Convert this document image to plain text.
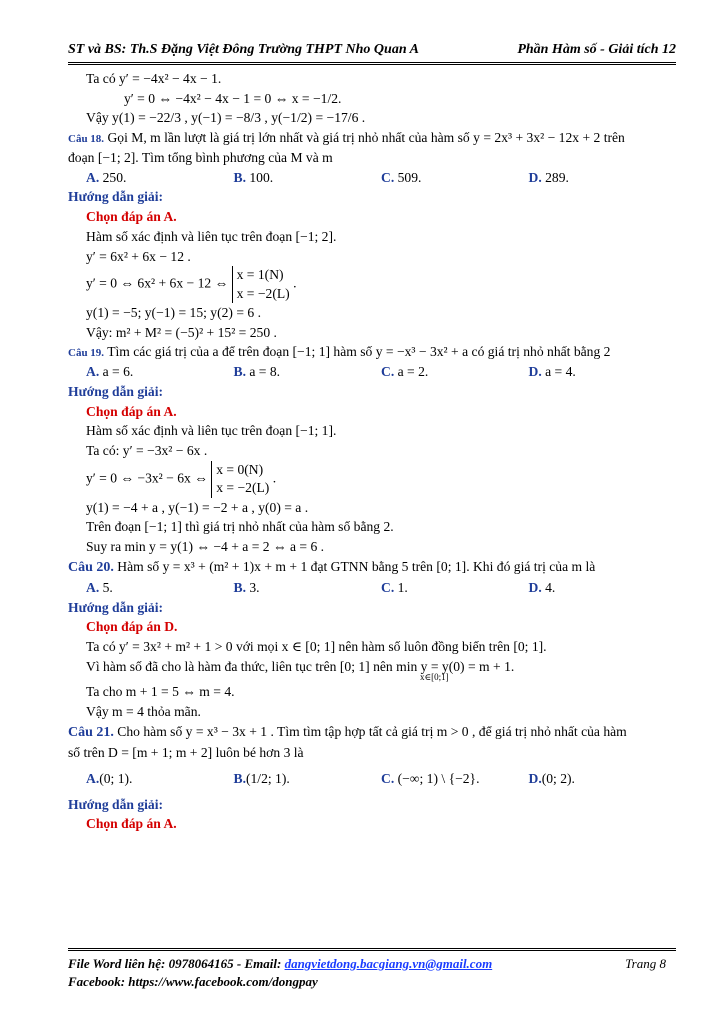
ST và BS: Th.S Đặng Việt Đông Trường THPT Nho Quan A	Phần Hàm số - Giải tích 12

Ta có y′ = −4x² − 4x − 1.

y′ = 0 ⇔ −4x² − 4x − 1 = 0 ⇔ x = −1/2.

Vậy y(1) = −22/3 , y(−1) = −8/3 , y(−1/2) = −17/6 .

Câu 18. Gọi M, m lần lượt là giá trị lớn nhất và giá trị nhỏ nhất của hàm số y = 2x³ + 3x² − 12x + 2 trên

đoạn [−1; 2]. Tìm tổng bình phương của M và m

A. 250.	B. 100.	C. 509.	D. 289.

Hướng dẫn giải:

Chọn đáp án A.

Hàm số xác định và liên tục trên đoạn [−1; 2].

y′ = 6x² + 6x − 12 .

y′ = 0 ⇔ 6x² + 6x − 12 ⇔ x = 1(N)
x = −2(L) .

y(1) = −5; y(−1) = 15; y(2) = 6 .

Vậy: m² + M² = (−5)² + 15² = 250 .

Câu 19. Tìm các giá trị của a để trên đoạn [−1; 1] hàm số y = −x³ − 3x² + a có giá trị nhỏ nhất bằng 2

A. a = 6.	B. a = 8.	C. a = 2.	D. a = 4.

Hướng dẫn giải:

Chọn đáp án A.

Hàm số xác định và liên tục trên đoạn [−1; 1].

Ta có: y′ = −3x² − 6x .

y′ = 0 ⇔ −3x² − 6x ⇔ x = 0(N)
x = −2(L) .

y(1) = −4 + a , y(−1) = −2 + a , y(0) = a .

Trên đoạn [−1; 1] thì giá trị nhỏ nhất của hàm số bằng 2.

Suy ra min y = y(1) ⇔ −4 + a = 2 ⇔ a = 6 .

Câu 20. Hàm số y = x³ + (m² + 1)x + m + 1 đạt GTNN bằng 5 trên [0; 1]. Khi đó giá trị của m là

A. 5.	B. 3.	C. 1.	D. 4.

Hướng dẫn giải:

Chọn đáp án D.

Ta có y′ = 3x² + m² + 1 > 0 với mọi x ∈ [0; 1] nên hàm số luôn đồng biến trên [0; 1].

Vì hàm số đã cho là hàm đa thức, liên tục trên [0; 1] nên min y = y(0) = m + 1.

x∈[0;1]

Ta cho m + 1 = 5 ⇔ m = 4.

Vậy m = 4 thỏa mãn.

Câu 21. Cho hàm số y = x³ − 3x + 1 . Tìm tìm tập hợp tất cả giá trị m > 0 , để giá trị nhỏ nhất của hàm

số trên D = [m + 1; m + 2] luôn bé hơn 3 là

A.(0; 1).	B.(1/2; 1).	C. (−∞; 1) \ {−2}.	D.(0; 2).

Hướng dẫn giải:

Chọn đáp án A.

File Word liên hệ: 0978064165 - Email: dangvietdong.bacgiang.vn@gmail.com	Trang 8
Facebook: https://www.facebook.com/dongpay
